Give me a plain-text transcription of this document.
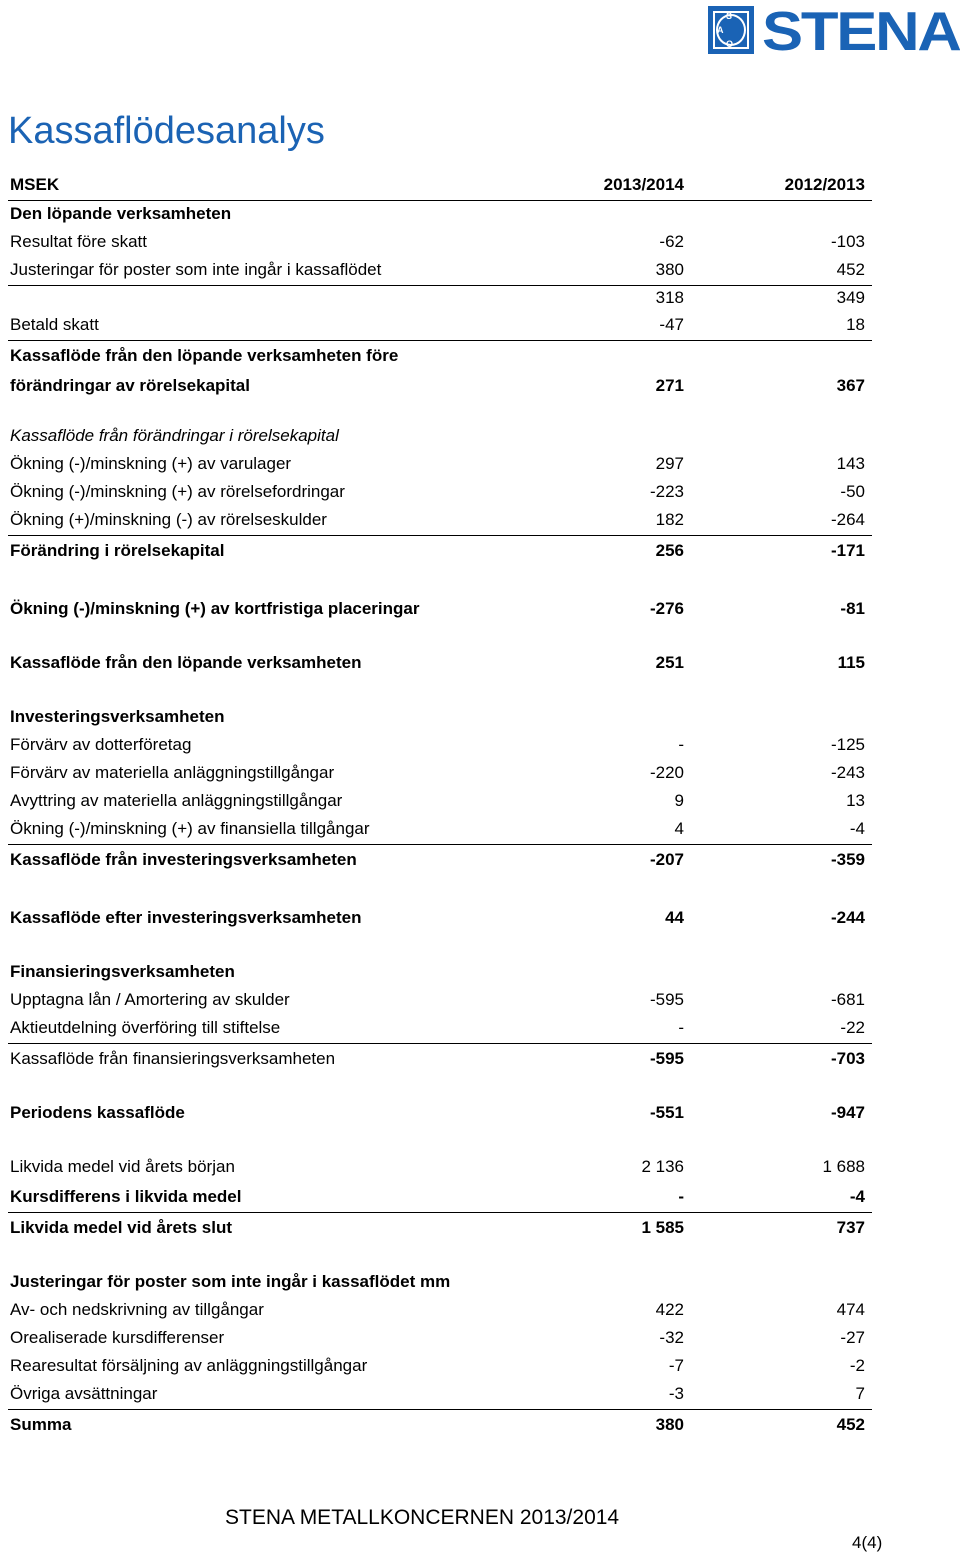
S
A
O STENA
Kassaflödesanalys
MSEK	2013/2014	2012/2013
Den löpande verksamheten
Resultat före skatt	-62	-103
Justeringar för poster som inte ingår i kassaflödet	380	452
318	349
Betald skatt	-47	18
Kassaflöde från den löpande verksamheten före
förändringar av rörelsekapital	271	367
Kassaflöde från förändringar i rörelsekapital
Ökning (-)/minskning (+) av varulager	297	143
Ökning (-)/minskning (+) av rörelsefordringar	-223	-50
Ökning (+)/minskning (-) av rörelseskulder	182	-264
Förändring i rörelsekapital	256	-171
Ökning (-)/minskning (+) av kortfristiga placeringar	-276	-81
Kassaflöde från den löpande verksamheten	251	115
Investeringsverksamheten
Förvärv av dotterföretag	-	-125
Förvärv av materiella anläggningstillgångar	-220	-243
Avyttring av materiella anläggningstillgångar	9	13
Ökning (-)/minskning (+) av finansiella tillgångar	4	-4
Kassaflöde från investeringsverksamheten	-207	-359
Kassaflöde efter investeringsverksamheten	44	-244
Finansieringsverksamheten
Upptagna lån / Amortering av skulder	-595	-681
Aktieutdelning överföring till stiftelse	-	-22
Kassaflöde från finansieringsverksamheten	-595	-703
Periodens kassaflöde	-551	-947
Likvida medel vid årets början	2 136	1 688
Kursdifferens i likvida medel	-	-4
Likvida medel vid årets slut	1 585	737
Justeringar för poster som inte ingår i kassaflödet mm
Av- och nedskrivning av tillgångar	422	474
Orealiserade kursdifferenser	-32	-27
Rearesultat försäljning av anläggningstillgångar	-7	-2
Övriga avsättningar	-3	7
Summa	380	452
STENA METALLKONCERNEN 2013/2014
4(4)
